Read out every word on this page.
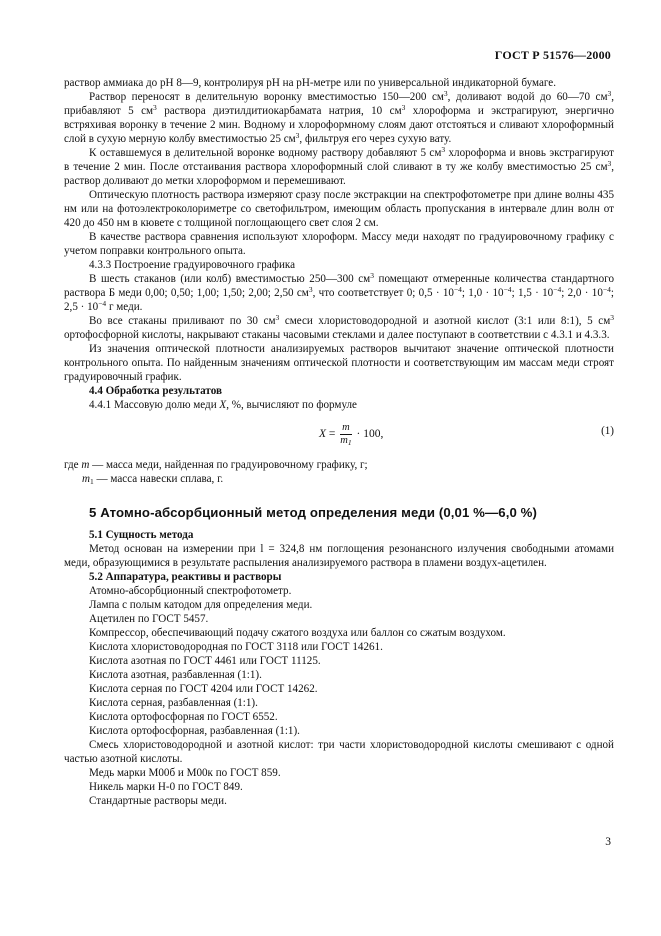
ГОСТ Р 51576—2000

раствор аммиака до рН 8—9, контролируя рН на рН-метре или по универсальной индикаторной бумаге.

Раствор переносят в делительную воронку вместимостью 150—200 $см^3$, доливают водой до 60—70 $см^3$, прибавляют 5 $см^3$ раствора диэтилдитиокарбамата натрия, 10 $см^3$ хлороформа и экстрагируют, энергично встряхивая воронку в течение 2 мин. Водному и хлороформному слоям дают отстояться и сливают хлороформный слой в сухую мерную колбу вместимостью 25 $см^3$, фильтруя его через сухую вату.

К оставшемуся в делительной воронке водному раствору добавляют 5 $см^3$ хлороформа и вновь экстрагируют в течение 2 мин. После отстаивания раствора хлороформный слой сливают в ту же колбу вместимостью 25 $см^3$, раствор доливают до метки хлороформом и перемешивают.

Оптическую плотность раствора измеряют сразу после экстракции на спектрофотометре при длине волны 435 нм или на фотоэлектроколориметре со светофильтром, имеющим область пропускания в интервале длин волн от 420 до 450 нм в кювете с толщиной поглощающего свет слоя 2 см.

В качестве раствора сравнения используют хлороформ. Массу меди находят по градуировочному графику с учетом поправки контрольного опыта.

4.3.3 Построение градуировочного графика

В шесть стаканов (или колб) вместимостью 250—300 $см^3$ помещают отмеренные количества стандартного раствора Б меди 0,00; 0,50; 1,00; 1,50; 2,00; 2,50 $см^3$, что соответствует 0; $0,5 \cdot 10^{-4}$; $1,0 \cdot 10^{-4}$; $1,5 \cdot 10^{-4}$; $2,0 \cdot 10^{-4}$; $2,5 \cdot 10^{-4}$ г меди.

Во все стаканы приливают по 30 $см^3$ смеси хлористоводородной и азотной кислот (3:1 или 8:1), 5 $см^3$ ортофосфорной кислоты, накрывают стаканы часовыми стеклами и далее поступают в соответствии с 4.3.1 и 4.3.3.

Из значения оптической плотности анализируемых растворов вычитают значение оптической плотности контрольного опыта. По найденным значениям оптической плотности и соответствующим им массам меди строят градуировочный график.

4.4 Обработка результатов

4.4.1 Массовую долю меди X, %, вычисляют по формуле

$X = \frac{m}{m_1} \cdot 100$,	(1)

где m — масса меди, найденная по градуировочному графику, г;

$m_1$ — масса навески сплава, г.

5 Атомно-абсорбционный метод определения меди (0,01 %—6,0 %)

5.1 Сущность метода

Метод основан на измерении при l = 324,8 нм поглощения резонансного излучения свободными атомами меди, образующимися в результате распыления анализируемого раствора в пламени воздух-ацетилен.

5.2 Аппаратура, реактивы и растворы

Атомно-абсорбционный спектрофотометр.

Лампа с полым катодом для определения меди.

Ацетилен по ГОСТ 5457.

Компрессор, обеспечивающий подачу сжатого воздуха или баллон со сжатым воздухом.

Кислота хлористоводородная по ГОСТ 3118 или ГОСТ 14261.

Кислота азотная по ГОСТ 4461 или ГОСТ 11125.

Кислота азотная, разбавленная (1:1).

Кислота серная по ГОСТ 4204 или ГОСТ 14262.

Кислота серная, разбавленная (1:1).

Кислота ортофосфорная по ГОСТ 6552.

Кислота ортофосфорная, разбавленная (1:1).

Смесь хлористоводородной и азотной кислот: три части хлористоводородной кислоты смешивают с одной частью азотной кислоты.

Медь марки М00б и М00к по ГОСТ 859.

Никель марки Н-0 по ГОСТ 849.

Стандартные растворы меди.

3
